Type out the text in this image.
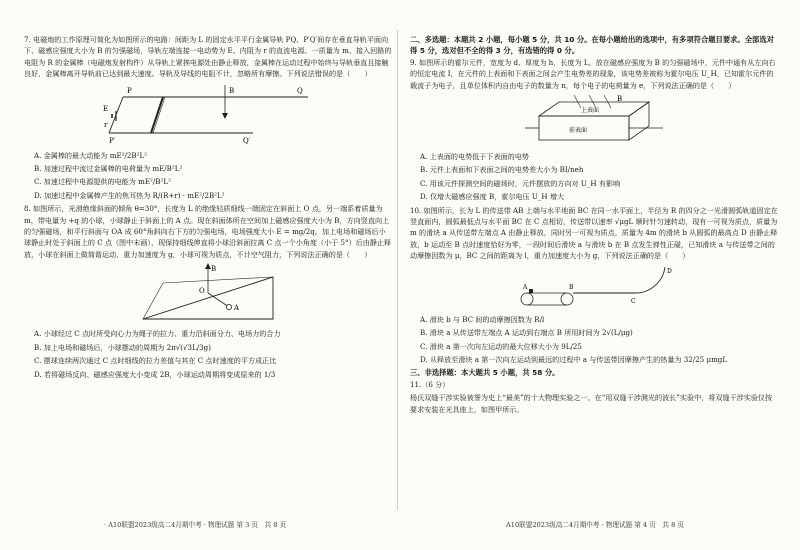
7. 电磁炮的工作原理可简化为如图所示的电路：间距为 L 的固定水平平行金属导轨 PQ、P′Q′间存在垂直导轨平面向下、磁感应强度大小为 B 的匀强磁场，导轨左端连接一电动势为 E、内阻为 r 的直流电源。一质量为 m、接入回路的电阻为 R 的金属棒（电磁炮发射构件）从导轨上紧挨电源处由静止释放，金属棒在运动过程中始终与导轨垂直且接触良好，金属棒离开导轨前已达到最大速度。导轨及导线的电阻不计，忽略所有摩擦。下列说法错误的是（　　）

P	Q
B
E
r
P′	Q′

A. 金属棒的最大动能为 mE²/2B²L²

B. 加速过程中流过金属棒的电荷量为 mE/B²L²

C. 加速过程中电源提供的电能为 mE²/B²L²

D. 加速过程中金属棒产生的焦耳热为 R/(R+r) · mE²/2B²L²

8. 如图所示，光滑绝缘斜面的倾角 θ=30°，长度为 L 的绝缘轻质细线一端固定在斜面上 O 点，另一端系着质量为 m，带电量为 +q 的小球，小球静止于斜面上的 A 点。现在斜面体所在空间加上磁感应强度大小为 B，方向竖直向上的匀强磁场，和平行斜面与 OA 成 60°角斜向右下方的匀强电场，电场强度大小 E = mg/2q。加上电场和磁场后小球静止时处于斜面上的 C 点（图中未画），现保持细线伸直将小球沿斜面拉离 C 点一个小角度（小于 5°）后由静止释放，小球在斜面上做简谐运动，重力加速度为 g，小球可视为质点，不计空气阻力，下列说法正确的是（　　）

B
O
A

A. 小球经过 C 点时所受向心力为绳子的拉力、重力沿斜面分力、电场力的合力

B. 加上电场和磁场后，小球摆动的周期为 2π√(√3L/3g)

C. 摆球连续两次通过 C 点时细线的拉力差值与其在 C 点时速度的平方成正比

D. 若将磁场反向、磁感应强度大小变成 2B，小球运动周期将变成原来的 1/3

二、多选题：本题共 2 小题，每小题 5 分，共 10 分。在每小题给出的选项中，有多项符合题目要求。全部选对得 5 分，选对但不全的得 3 分，有选错的得 0 分。

9. 如图所示的霍尔元件，宽度为 d、厚度为 h，长度为 L，放在磁感应强度为 B 的匀强磁场中，元件中通有从左向右的恒定电流 I，在元件的上表面和下表面之间会产生电势差的现象，该电势差被称为霍尔电压 U_H，已知霍尔元件的载流子为电子，且单位体积内自由电子的数量为 n，每个电子的电荷量为 e，下列说法正确的是（　　）

上表面
前表面
B

A. 上表面的电势低于下表面的电势

B. 元件上表面和下表面之间的电势差大小为 BI/neh

C. 用该元件探测空间的磁场时，元件摆放的方向对 U_H 有影响

D. 仅增大磁感应强度 B，霍尔电压 U_H 增大

10. 如图所示，长为 L 的传送带 AB 上端与水平地面 BC 在同一水平面上，半径为 R 的四分之一光滑圆弧轨道固定在竖直面内，圆弧最低点与水平面 BC 在 C 点相切，传送带以速率 √μgL 顺时针匀速转动，现有一可视为质点，质量为 m 的滑块 a 从传送带左端点 A 由静止释放，同时另一可视为质点，质量为 4m 的滑块 b 从圆弧的最高点 D 由静止释放，b 运动至 B 点时速度恰好为零，一段时间后滑块 a 与滑块 b 在 B 点发生弹性正碰，已知滑块 a 与传送带之间的动摩擦因数为 μ，BC 之间的距离为 l，重力加速度大小为 g，下列说法正确的是（　　）

A	B
C
D

A. 滑块 b 与 BC 间的动摩擦因数为 R/l

B. 滑块 a 从传送带左端点 A 运动到右端点 B 所用时间为 2√(L/μg)

C. 滑块 a 第一次向左运动的最大位移大小为 9L/25

D. 从释放至滑块 a 第一次向左运动到最远的过程中 a 与传送带因摩擦产生的热量为 32/25 μmgL

三、非选择题：本大题共 5 小题，共 58 分。

11.（6 分）

杨氏双缝干涉实验被誉为史上“最美”的十大物理实验之一。在“用双缝干涉测光的波长”实验中，将双缝干涉实验仪按要求安装在光具座上，如图甲所示。

· A10联盟2023级高二4月期中考 · 物理试题 第 3 页　共 8 页	A10联盟2023级高二4月期中考 · 物理试题 第 4 页　共 8 页
